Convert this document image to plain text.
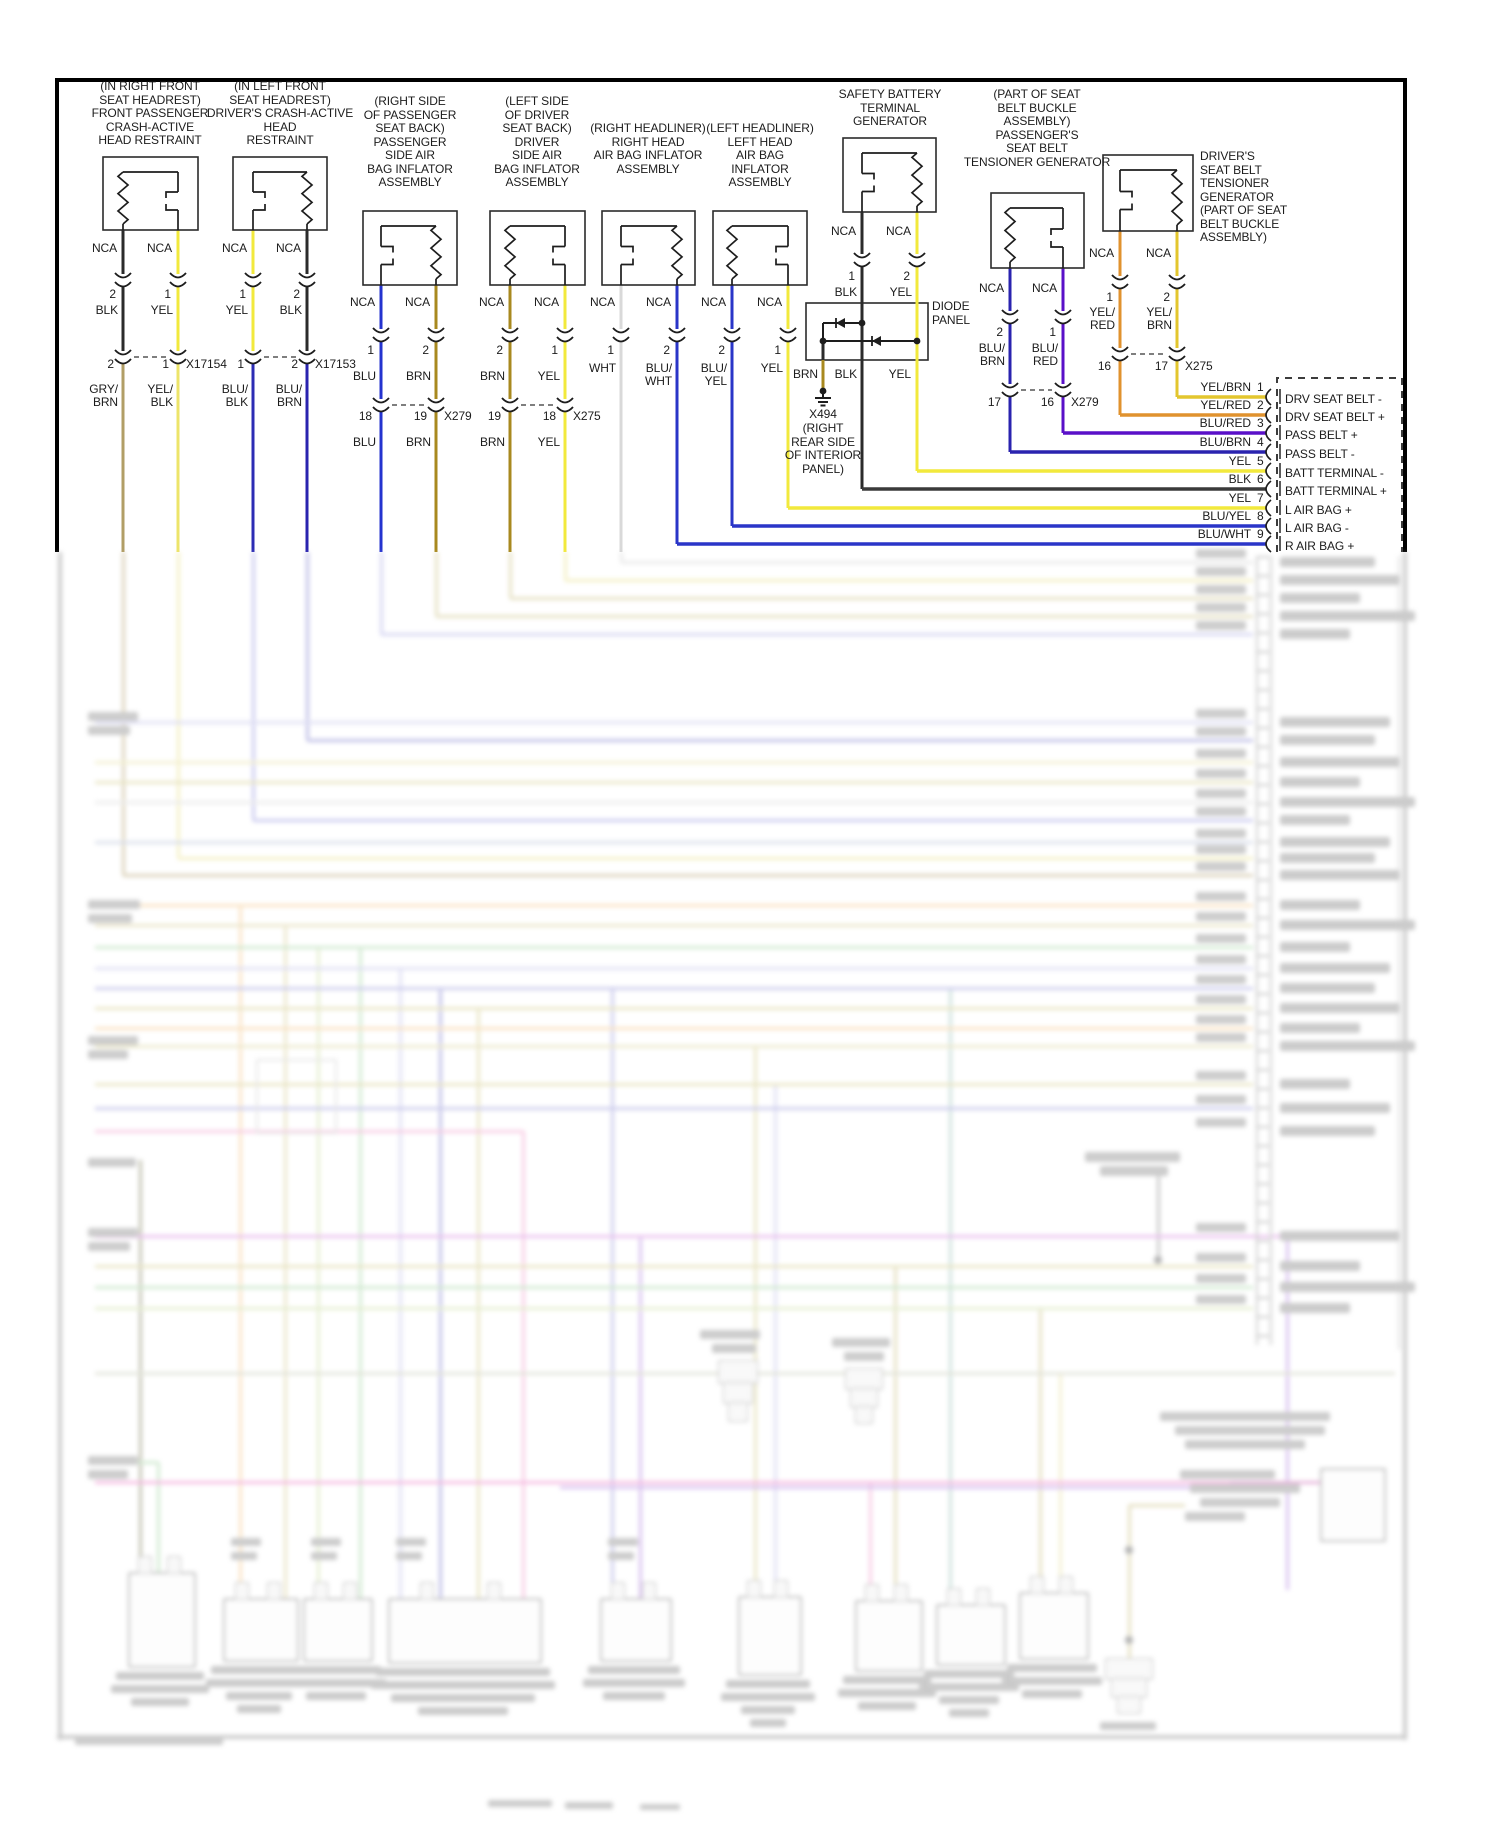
(IN RIGHT FRONT
SEAT HEADREST)
FRONT PASSENGER
CRASH-ACTIVE
HEAD RESTRAINT
NCA NCA
2	1
BLK	YEL
2	1 X17154
GRY/
BRN
YEL/
BLK
(IN LEFT FRONT
SEAT HEADREST)
DRIVER'S CRASH-ACTIVE
HEAD
RESTRAINT
NCA NCA
1	2
YEL	BLK
1	2 X17153
BLU/
BLK
BLU/
BRN
(RIGHT SIDE
OF PASSENGER
SEAT BACK)
PASSENGER
SIDE AIR
BAG INFLATOR
ASSEMBLY
NCA NCA
1	2
BLU BRN
18	19 X279
BLU BRN
(LEFT SIDE
OF DRIVER
SEAT BACK)
DRIVER
SIDE AIR
BAG INFLATOR
ASSEMBLY
NCA NCA
2	1
BRN	YEL
19	18 X275
BRN	YEL
(RIGHT HEADLINER)
RIGHT HEAD
AIR BAG INFLATOR
ASSEMBLY
NCA	NCA
1	2
WHT BLU/
WHT
(LEFT HEADLINER)
LEFT HEAD
AIR BAG
INFLATOR
ASSEMBLY
NCA	NCA
2	1
BLU/
YEL
YEL
SAFETY BATTERY
TERMINAL
GENERATOR
NCA NCA
1	2
BLK	YEL
(PART OF SEAT
BELT BUCKLE
ASSEMBLY)
PASSENGER'S
SEAT BELT
TENSIONER GENERATOR
NCA NCA
2	1
BLU/
BRN
BLU/
RED
17	16 X279
DRIVER'S
SEAT BELT
TENSIONER
GENERATOR
(PART OF SEAT
BELT BUCKLE
ASSEMBLY)
NCA	NCA
1	2
YEL/
RED
YEL/
BRN
16	17 X275
DIODE
PANEL
BRN BLK	YEL
X494
(RIGHT
REAR SIDE
OF INTERIOR
PANEL)
YEL/BRN 1
DRV SEAT BELT -
YEL/RED 2
DRV SEAT BELT +
BLU/RED 3
PASS BELT +
BLU/BRN 4
PASS BELT -
YEL 5
BATT TERMINAL -
BLK 6
BATT TERMINAL +
YEL 7
L AIR BAG +
BLU/YEL 8
L AIR BAG -
BLU/WHT 9
R AIR BAG +
